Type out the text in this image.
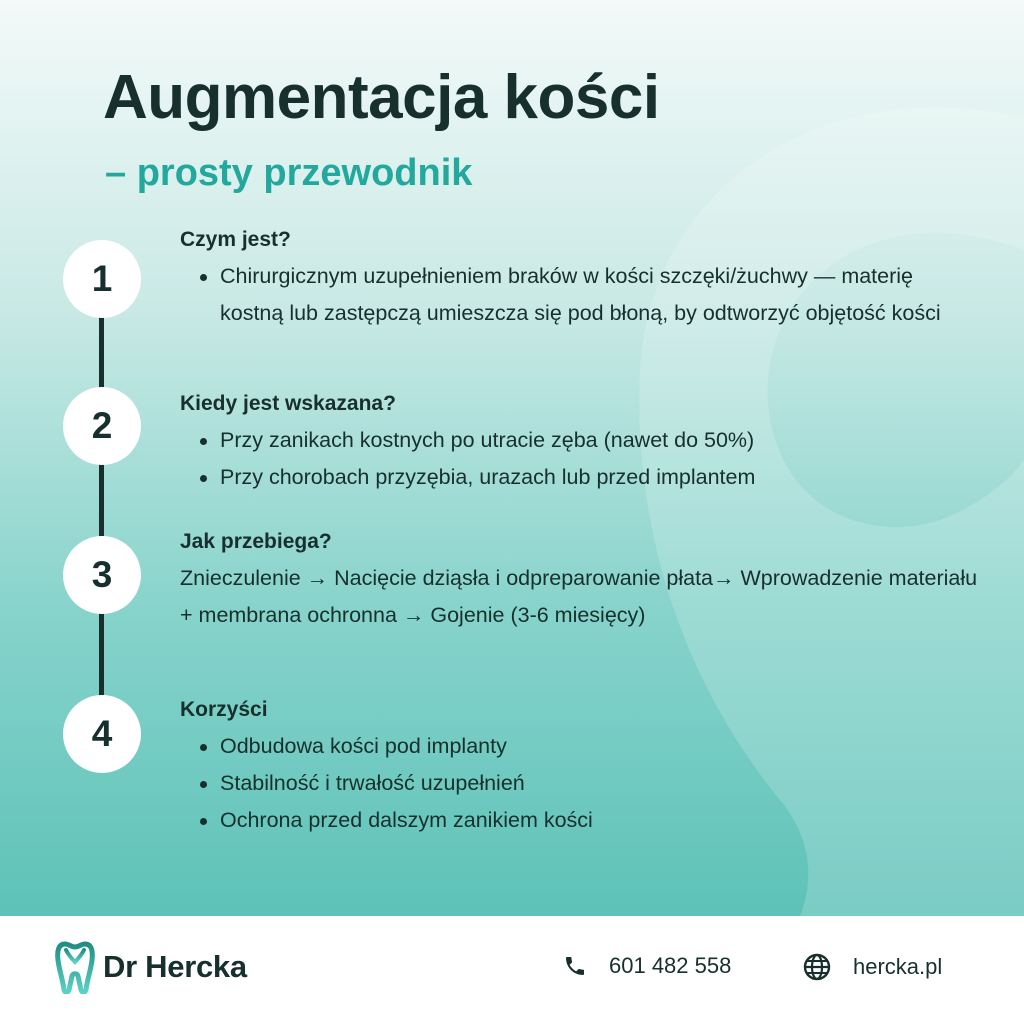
Augmentacja kości
– prosty przewodnik
1
2
3
4
Czym jest?
Chirurgicznym uzupełnieniem braków w kości szczęki/żuchwy — materię kostną lub zastępczą umieszcza się pod błoną, by odtworzyć objętość kości
Kiedy jest wskazana?
Przy zanikach kostnych po utracie zęba (nawet do 50%)
Przy chorobach przyzębia, urazach lub przed implantem
Jak przebiega?

Znieczulenie → Nacięcie dziąsła i odpreparowanie płata→ Wprowadzenie materiału + membrana ochronna → Gojenie (3-6 miesięcy)

Korzyści
Odbudowa kości pod implanty
Stabilność i trwałość uzupełnień
Ochrona przed dalszym zanikiem kości
Dr Hercka	601 482 558	hercka.pl
